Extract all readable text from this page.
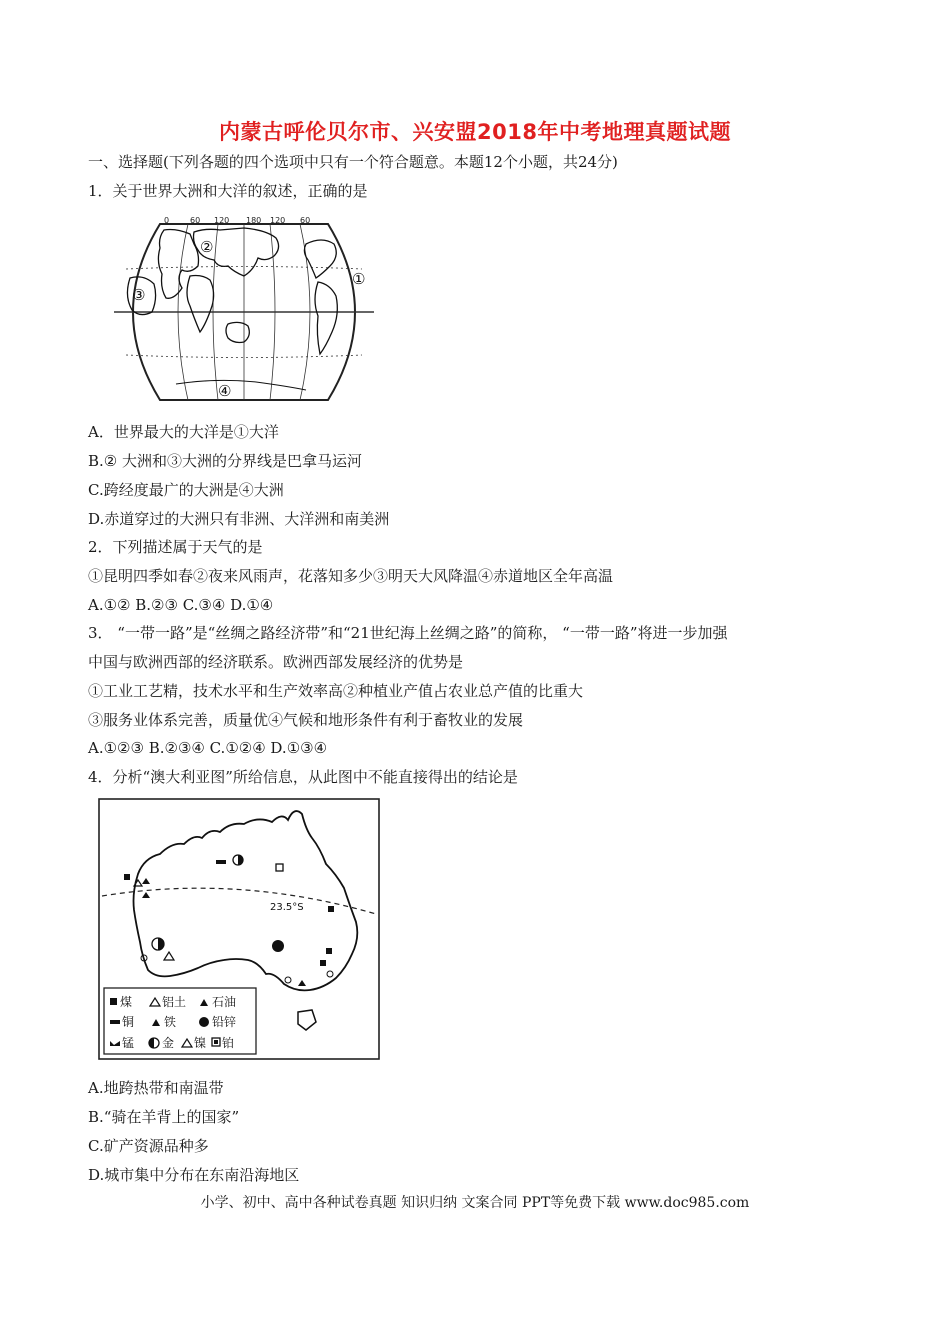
内蒙古呼伦贝尔市、兴安盟2018年中考地理真题试题
一、选择题(下列各题的四个选项中只有一个符合题意。本题12个小题，共24分)
1．关于世界大洲和大洋的叙述，正确的是
0	60 120 180 120 60
①
②
③
④
A．世界最大的大洋是①大洋
B.② 大洲和③大洲的分界线是巴拿马运河
C.跨经度最广的大洲是④大洲
D.赤道穿过的大洲只有非洲、大洋洲和南美洲
2．下列描述属于天气的是
①昆明四季如春②夜来风雨声，花落知多少③明天大风降温④赤道地区全年高温
A.①② B.②③ C.③④ D.①④
3． “一带一路”是“丝绸之路经济带”和“21世纪海上丝绸之路”的简称， “一带一路”将进一步加强
中国与欧洲西部的经济联系。欧洲西部发展经济的优势是
①工业工艺精，技术水平和生产效率高②种植业产值占农业总产值的比重大
③服务业体系完善，质量优④气候和地形条件有利于畜牧业的发展
A.①②③ B.②③④ C.①②④ D.①③④
4．分析“澳大利亚图”所给信息，从此图中不能直接得出的结论是
23.5°S
煤 铝土 石油
铜 铁	铅锌
锰 金 镍 铂
A.地跨热带和南温带
B.“骑在羊背上的国家”
C.矿产资源品种多
D.城市集中分布在东南沿海地区
小学、初中、高中各种试卷真题 知识归纳 文案合同 PPT等免费下载 www.doc985.com
